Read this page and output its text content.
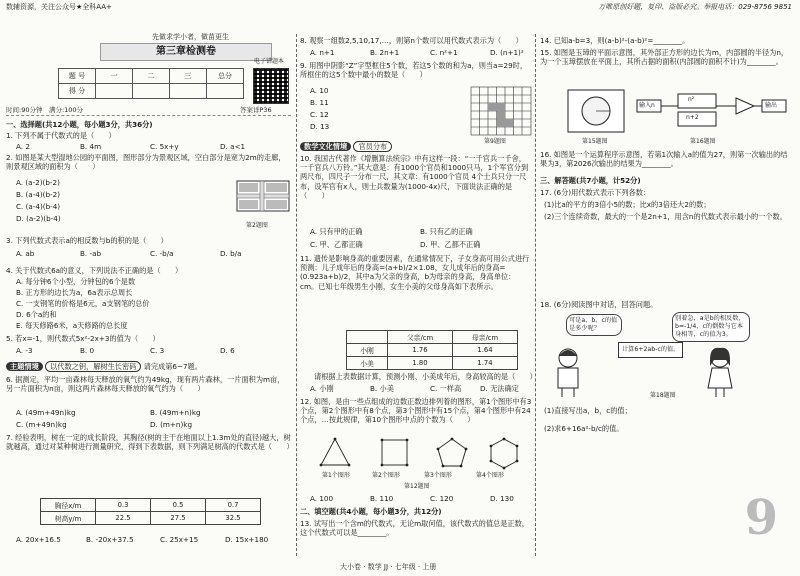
数辅资源，关注公众号★全科AA+	万唯原创好题，复印、盗版必究。举报电话：029-8756 9851
先做求学小者，做苗更生
第三章检测卷
题 号	一	二	三	总分
得 分				
电子错题本
时间:90分钟　满分:100分	答案详P36
一、选择题(共12小题，每小题3分，共36分)
1. 下列不属于代数式的是（　　）
A. 2	B. 4m	C. 5x+y	D. a<1
2. 如图是某大型湿地公园的平面图，图形部分为景观区域，空白部分是宽为2m的走廊，则景观区域的面积为（　　）
A. (a-2)(b-2)
B. (a-4)(b-2)
C. (a-4)(b-4)
D. (a-2)(b-4)
第2题图
3. 下列代数式表示a的相反数与b的积的是（　　）
A. ab	B. -ab	C. -b/a	D. b/a
4. 关于代数式6a的意义，下列说法不正确的是（　　）
A. 每分钟6个小型，分钟包的6个是数
B. 正方形的边长为a，6a表示总周长
C. 一支钢笔的价格是6元，a支钢笔的总价
D. 6个a的和
E. 每天修路6米，a天修路的总长度
5. 若x=-1，则代数式5x²-2x+3的值为（　　）
A. -3	B. 0	C. 3	D. 6
主题情境 以代数之钥，解树生长密码 请完成第6~7题。
6. 据测定，平均一亩森林每天释放的氧气约为49kg，现有两片森林，一片面积为m亩，另一片面积为n亩，则这两片森林每天释放的氧气约为（　　）
A. (49m+49n)kg	B. (49m+n)kg
C. (m+49n)kg	D. (m+n)kg
7. 经验表明，树在一定的成长阶段，其胸径(树的主干在地面以上1.3m处的直径)越大，树就越高，通过对某种树进行测量研究，得到下表数据，则下列满足树高的代数式是（　　）
胸径x/m	0.3	0.5	0.7
树高y/m	22.5	27.5	32.5
A. 20x+16.5	B. -20x+37.5	C. 25x+15	D. 15x+180
8. 观察一组数2,5,10,17,…，则第n个数可以用代数式表示为（　　）
A. n+1	B. 2n+1	C. n²+1	D. (n+1)²
9. 用图中阴影“Z”字型框住5个数，若这5个数的和为a，则当a=29时，所框住的这5个数中最小的数是（　　）
A. 10
B. 11
C. 12
D. 13
第9题图
数学文化情境 官员分布
10. 我国古代著作《增删算法统宗》中有这样一段：“一千官兵一千舍，一千官兵八万铃。”其大意是：有1000个官员和1000只马，1个军官分到两尺布，四尺子一分布一尺，其文章：有1000个官员 4个士兵只分一尺布，设军官有x人，则士兵数量为(1000-4x)尺，下面说法正确的是（　　）
A. 只有甲的正确	B. 只有乙的正确
C. 甲、乙都正确	D. 甲、乙都不正确
11. 遗传是影响身高的重要因素，在通常情况下，子女身高可用公式进行预测：儿子成年后的身高=(a+b)/2×1.08，女儿成年后的身高=(0.923a+b)/2，其中a为父亲的身高，b为母亲的身高，身高单位：cm。已知七年级男生小刚，女生小美的父母身高如下表所示。
	父亲/cm	母亲/cm
小刚	1.76	1.64
小美	1.80	1.74
请根据上表数据计算，预测小刚、小美成年后，身高较高的是（　　）
A. 小刚	B. 小美	C. 一样高	D. 无法确定
12. 如图，是由一些点组成的边数正数边排列着的图形，第1个图形中有3个点，第2个图形中有8个点，第3个图形中有15个点，第4个图形中有24个点，…按此规律，第10个图形中点的个数为（　　）
第1个图形	第2个图形	第3个图形	第4个图形
第12题图
A. 100	B. 110	C. 120	D. 130
二、填空题(共4小题，每小题3分，共12分)
13. 试写出一个含m的代数式，无论m取何值，该代数式的值总是正数，这个代数式可以是________。
14. 已知a-b=3，则(a-b)²-(a-b)²=________。
15. 如图是玉璋的平面示意图，其外部正方形的边长为m，内部圆的半径为n，为一个玉璋摆放在平面上，其所占据的面积(内部圆的面积不计)为________。
第15题图
输入n
n²
n+2
输出
第16题图
16. 如图是一个运算程序示意图，若第1次输入a的值为27，则第一次输出的结果为3，第2026次输出的结果为________。
三、解答题(共7小题，计52分)
17. (6分)用代数式表示下列各数：
(1)比a的平方的3倍小5的数；比x的3倍还大2的数；
(2)三个连续奇数，最大的一个是2n+1，用含n的代数式表示最小的一个数。
18. (6分)阅读图中对话，回答问题。
可是a、b、c的值是多少呢？
别着急，a是b的相反数，b=-1/4，c的倒数与它本身相等，c的值为3。
计算6+2ab-c的值。
第18题图
(1)直接写出a，b，c的值；
(2)求6+16a²-b/c的值。
9
大小卷 · 数学 JJ · 七年级 · 上册
